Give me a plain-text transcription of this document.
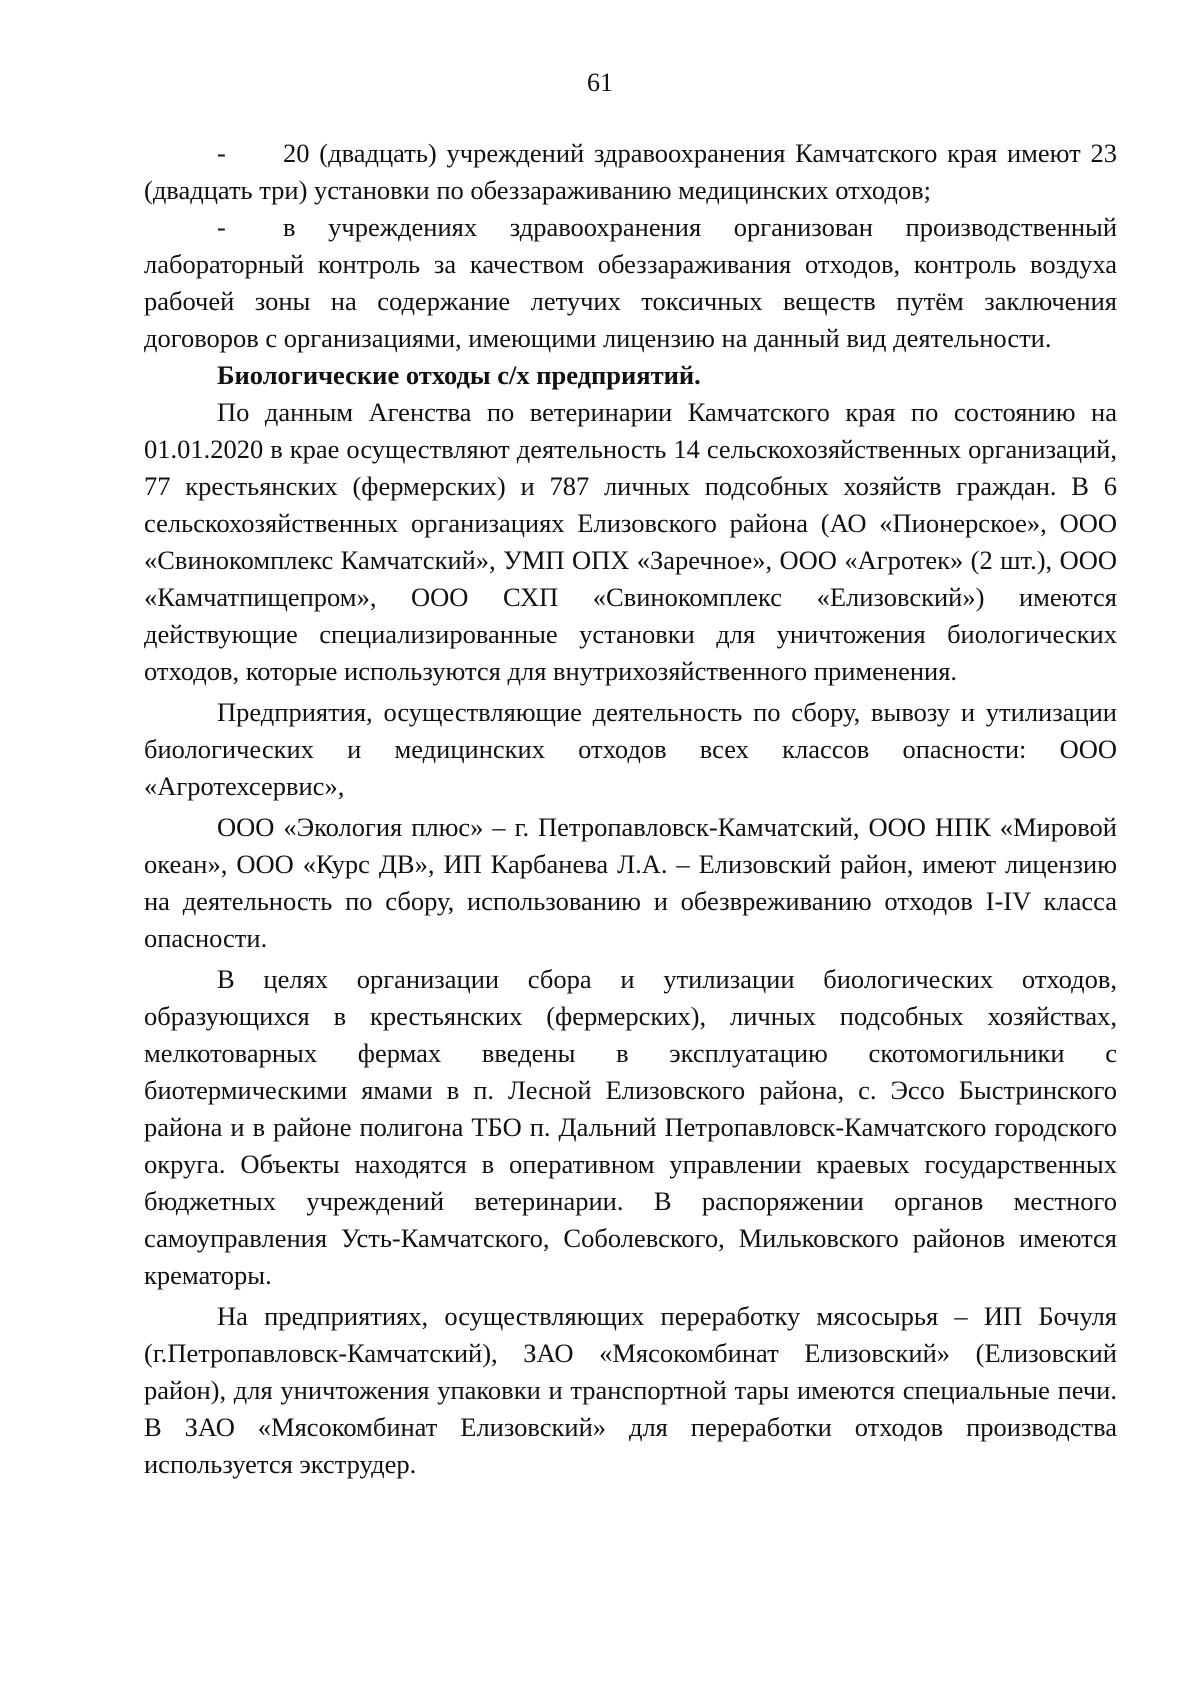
61

- 20 (двадцать) учреждений здравоохранения Камчатского края имеют 23 (двадцать три) установки по обеззараживанию медицинских отходов;

- в учреждениях здравоохранения организован производственный лабораторный контроль за качеством обеззараживания отходов, контроль воздуха рабочей зоны на содержание летучих токсичных веществ путём заключения договоров с организациями, имеющими лицензию на данный вид деятельности.

Биологические отходы с/х предприятий.

По данным Агенства по ветеринарии Камчатского края по состоянию на 01.01.2020 в крае осуществляют деятельность 14 сельскохозяйственных организаций, 77 крестьянских (фермерских) и 787 личных подсобных хозяйств граждан. В 6 сельскохозяйственных организациях Елизовского района (АО «Пионерское», ООО «Свинокомплекс Камчатский», УМП ОПХ «Заречное», ООО «Агротек» (2 шт.), ООО «Камчатпищепром», ООО СХП «Свинокомплекс «Елизовский») имеются действующие специализированные установки для уничтожения биологических отходов, которые используются для внутрихозяйственного применения.

Предприятия, осуществляющие деятельность по сбору, вывозу и утилизации биологических и медицинских отходов всех классов опасности: ООО «Агротехсервис»,

ООО «Экология плюс» – г. Петропавловск-Камчатский, ООО НПК «Мировой океан», ООО «Курс ДВ», ИП Карбанева Л.А. – Елизовский район, имеют лицензию на деятельность по сбору, использованию и обезвреживанию отходов I-IV класса опасности.

В целях организации сбора и утилизации биологических отходов, образующихся в крестьянских (фермерских), личных подсобных хозяйствах, мелкотоварных фермах введены в эксплуатацию скотомогильники с биотермическими ямами в п. Лесной Елизовского района, с. Эссо Быстринского района и в районе полигона ТБО п. Дальний Петропавловск-Камчатского городского округа. Объекты находятся в оперативном управлении краевых государственных бюджетных учреждений ветеринарии. В распоряжении органов местного самоуправления Усть-Камчатского, Соболевского, Мильковского районов имеются крематоры.

На предприятиях, осуществляющих переработку мясосырья – ИП Бочуля (г.Петропавловск-Камчатский), ЗАО «Мясокомбинат Елизовский» (Елизовский район), для уничтожения упаковки и транспортной тары имеются специальные печи. В ЗАО «Мясокомбинат Елизовский» для переработки отходов производства используется экструдер.
